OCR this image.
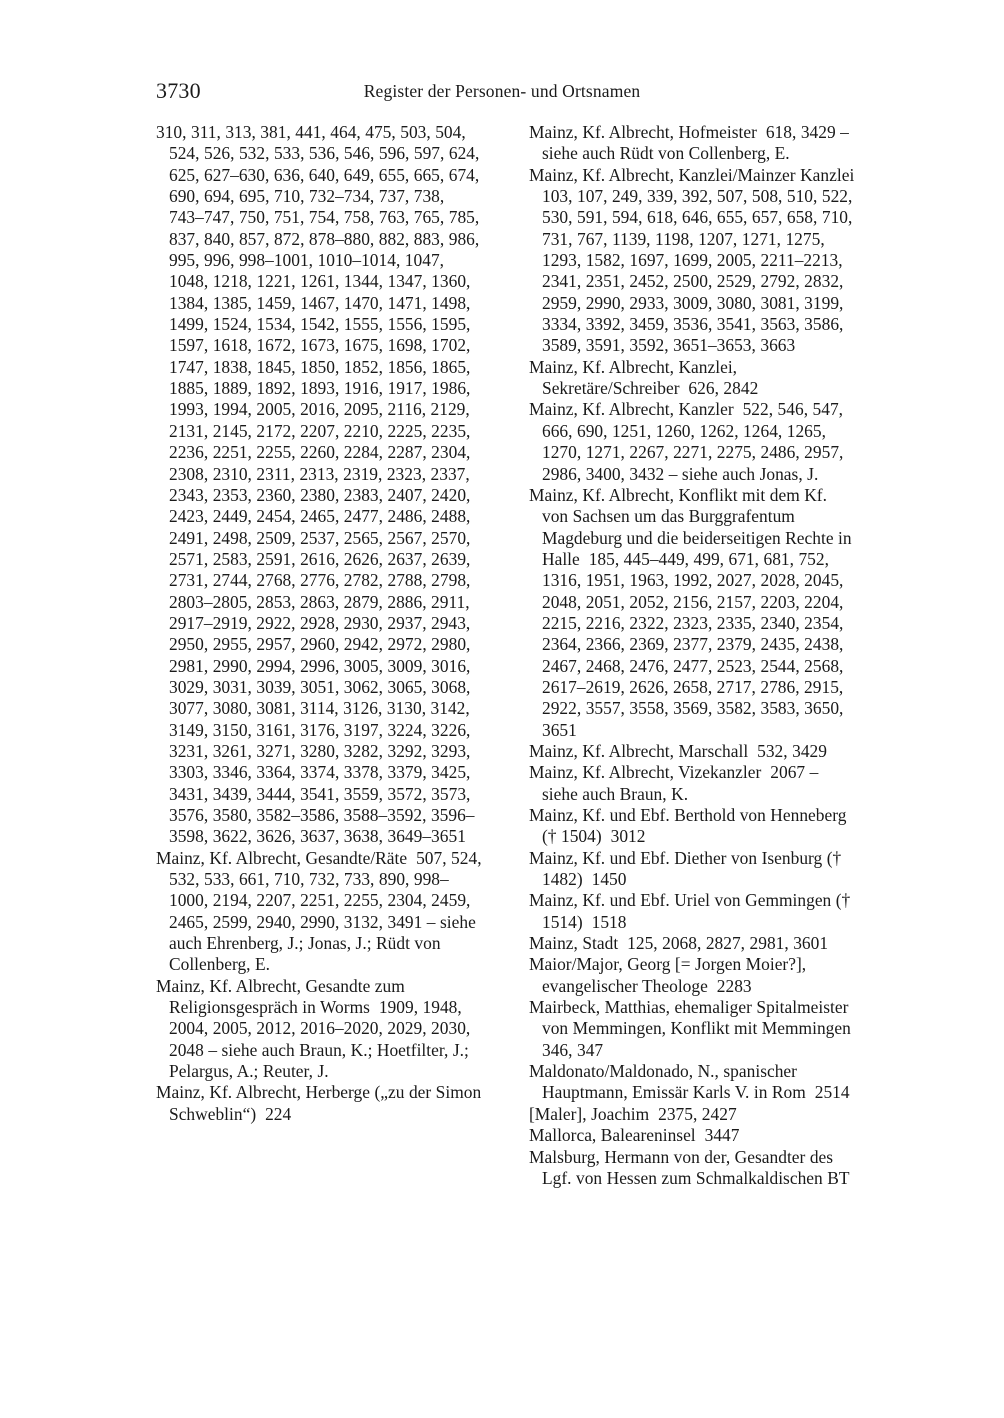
3730	Register der Personen- und Ortsnamen

310, 311, 313, 381, 441, 464, 475, 503, 504, 524, 526, 532, 533, 536, 546, 596, 597, 624, 625, 627–630, 636, 640, 649, 655, 665, 674, 690, 694, 695, 710, 732–734, 737, 738, 743–747, 750, 751, 754, 758, 763, 765, 785, 837, 840, 857, 872, 878–880, 882, 883, 986, 995, 996, 998–1001, 1010–1014, 1047, 1048, 1218, 1221, 1261, 1344, 1347, 1360, 1384, 1385, 1459, 1467, 1470, 1471, 1498, 1499, 1524, 1534, 1542, 1555, 1556, 1595, 1597, 1618, 1672, 1673, 1675, 1698, 1702, 1747, 1838, 1845, 1850, 1852, 1856, 1865, 1885, 1889, 1892, 1893, 1916, 1917, 1986, 1993, 1994, 2005, 2016, 2095, 2116, 2129, 2131, 2145, 2172, 2207, 2210, 2225, 2235, 2236, 2251, 2255, 2260, 2284, 2287, 2304, 2308, 2310, 2311, 2313, 2319, 2323, 2337, 2343, 2353, 2360, 2380, 2383, 2407, 2420, 2423, 2449, 2454, 2465, 2477, 2486, 2488, 2491, 2498, 2509, 2537, 2565, 2567, 2570, 2571, 2583, 2591, 2616, 2626, 2637, 2639, 2731, 2744, 2768, 2776, 2782, 2788, 2798, 2803–2805, 2853, 2863, 2879, 2886, 2911, 2917–2919, 2922, 2928, 2930, 2937, 2943, 2950, 2955, 2957, 2960, 2942, 2972, 2980, 2981, 2990, 2994, 2996, 3005, 3009, 3016, 3029, 3031, 3039, 3051, 3062, 3065, 3068, 3077, 3080, 3081, 3114, 3126, 3130, 3142, 3149, 3150, 3161, 3176, 3197, 3224, 3226, 3231, 3261, 3271, 3280, 3282, 3292, 3293, 3303, 3346, 3364, 3374, 3378, 3379, 3425, 3431, 3439, 3444, 3541, 3559, 3572, 3573, 3576, 3580, 3582–3586, 3588–3592, 3596–3598, 3622, 3626, 3637, 3638, 3649–3651

Mainz, Kf. Albrecht, Gesandte/Räte  507, 524, 532, 533, 661, 710, 732, 733, 890, 998–1000, 2194, 2207, 2251, 2255, 2304, 2459, 2465, 2599, 2940, 2990, 3132, 3491 – siehe auch Ehrenberg, J.; Jonas, J.; Rüdt von Collenberg, E.

Mainz, Kf. Albrecht, Gesandte zum Religionsgespräch in Worms  1909, 1948, 2004, 2005, 2012, 2016–2020, 2029, 2030, 2048 – siehe auch Braun, K.; Hoetfilter, J.; Pelargus, A.; Reuter, J.

Mainz, Kf. Albrecht, Herberge („zu der Simon Schweblin“)  224

Mainz, Kf. Albrecht, Hofmeister  618, 3429 – siehe auch Rüdt von Collenberg, E.

Mainz, Kf. Albrecht, Kanzlei/Mainzer Kanzlei 103, 107, 249, 339, 392, 507, 508, 510, 522, 530, 591, 594, 618, 646, 655, 657, 658, 710, 731, 767, 1139, 1198, 1207, 1271, 1275, 1293, 1582, 1697, 1699, 2005, 2211–2213, 2341, 2351, 2452, 2500, 2529, 2792, 2832, 2959, 2990, 2933, 3009, 3080, 3081, 3199, 3334, 3392, 3459, 3536, 3541, 3563, 3586, 3589, 3591, 3592, 3651–3653, 3663

Mainz, Kf. Albrecht, Kanzlei, Sekretäre/Schreiber  626, 2842

Mainz, Kf. Albrecht, Kanzler  522, 546, 547, 666, 690, 1251, 1260, 1262, 1264, 1265, 1270, 1271, 2267, 2271, 2275, 2486, 2957, 2986, 3400, 3432 – siehe auch Jonas, J.

Mainz, Kf. Albrecht, Konflikt mit dem Kf. von Sachsen um das Burggrafentum Magdeburg und die beiderseitigen Rechte in Halle  185, 445–449, 499, 671, 681, 752, 1316, 1951, 1963, 1992, 2027, 2028, 2045, 2048, 2051, 2052, 2156, 2157, 2203, 2204, 2215, 2216, 2322, 2323, 2335, 2340, 2354, 2364, 2366, 2369, 2377, 2379, 2435, 2438, 2467, 2468, 2476, 2477, 2523, 2544, 2568, 2617–2619, 2626, 2658, 2717, 2786, 2915, 2922, 3557, 3558, 3569, 3582, 3583, 3650, 3651

Mainz, Kf. Albrecht, Marschall  532, 3429

Mainz, Kf. Albrecht, Vizekanzler  2067 – siehe auch Braun, K.

Mainz, Kf. und Ebf. Berthold von Henneberg († 1504)  3012

Mainz, Kf. und Ebf. Diether von Isenburg († 1482)  1450

Mainz, Kf. und Ebf. Uriel von Gemmingen († 1514)  1518

Mainz, Stadt  125, 2068, 2827, 2981, 3601

Maior/Major, Georg [= Jorgen Moier?], evangelischer Theologe  2283

Mairbeck, Matthias, ehemaliger Spitalmeister von Memmingen, Konflikt mit Memmingen  346, 347

Maldonato/Maldonado, N., spanischer Hauptmann, Emissär Karls V. in Rom  2514

[Maler], Joachim  2375, 2427

Mallorca, Baleareninsel  3447

Malsburg, Hermann von der, Gesandter des Lgf. von Hessen zum Schmalkaldischen BT
